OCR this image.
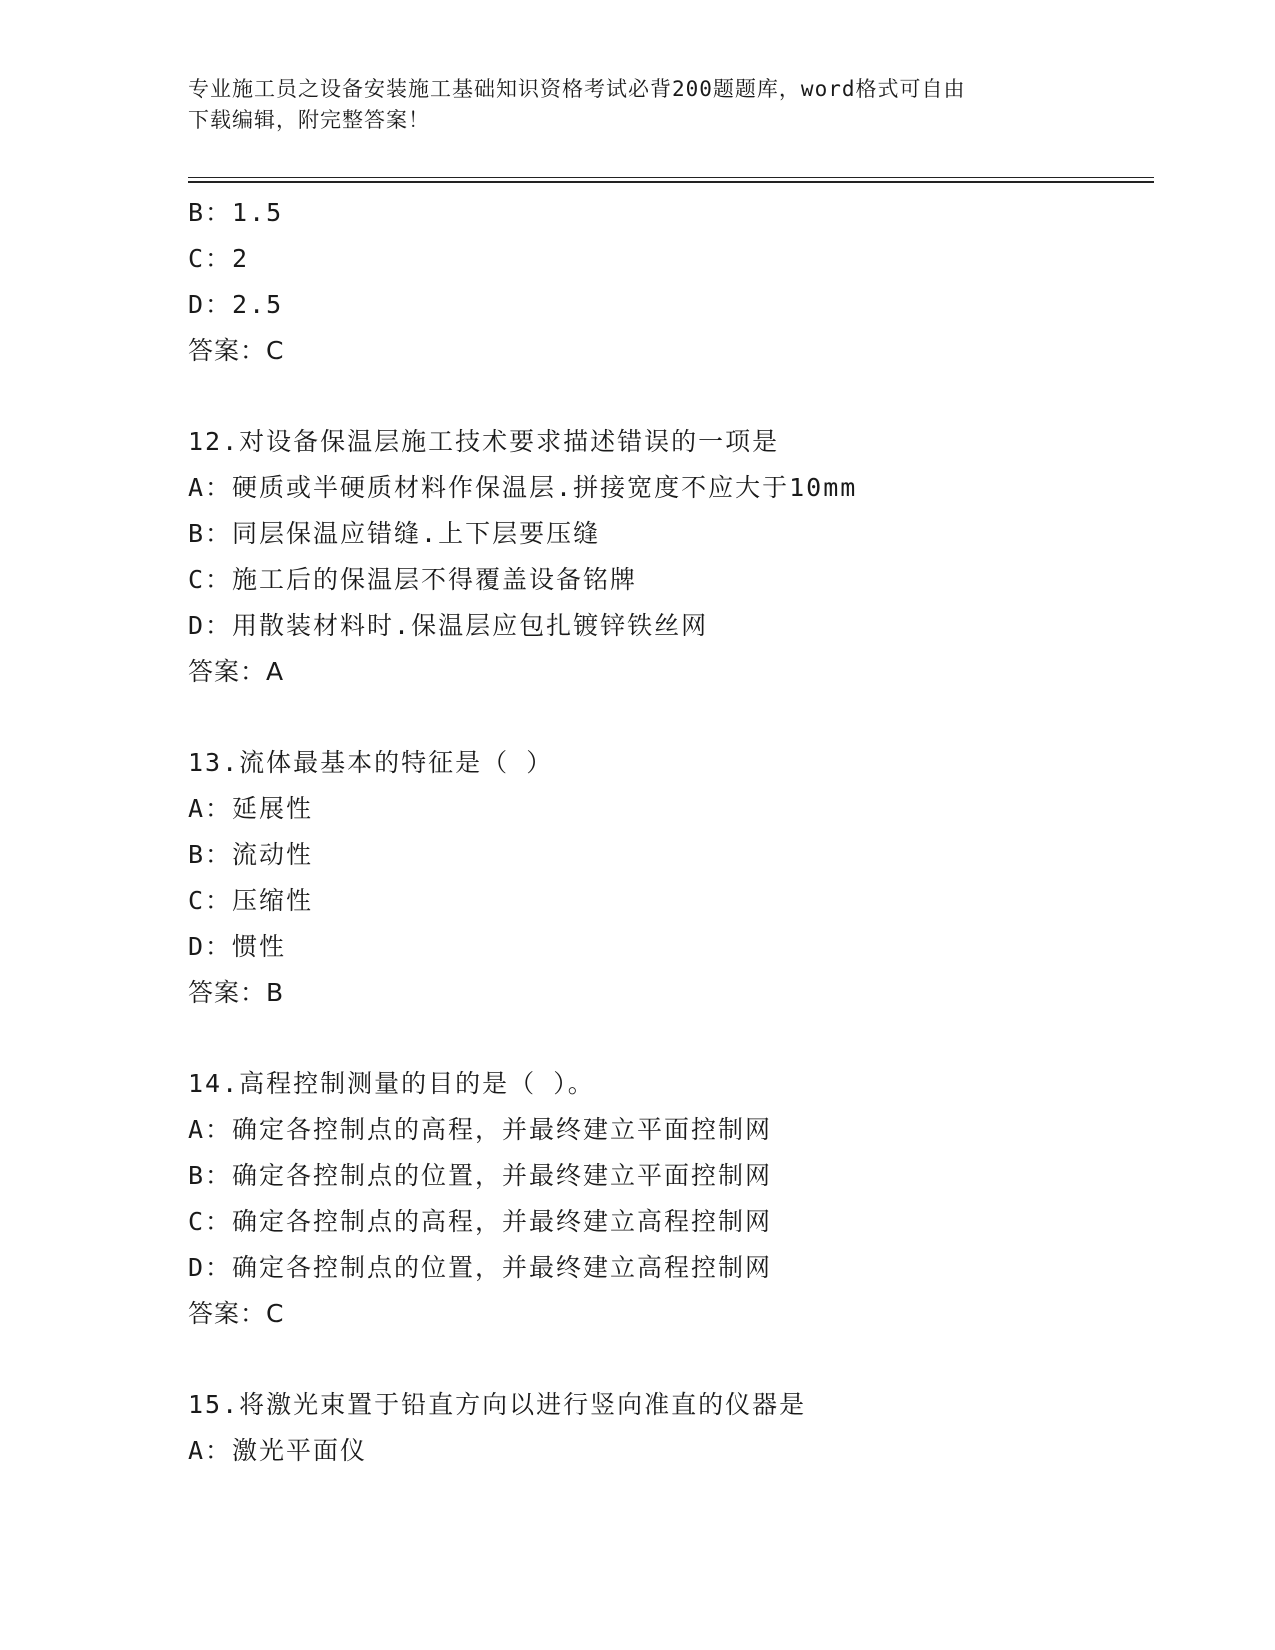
专业施工员之设备安装施工基础知识资格考试必背200题题库，word格式可自由
下载编辑，附完整答案！
B：1.5
C：2
D：2.5
答案：C
12.对设备保温层施工技术要求描述错误的一项是
A：硬质或半硬质材料作保温层.拼接宽度不应大于10mm
B：同层保温应错缝.上下层要压缝
C：施工后的保温层不得覆盖设备铭牌
D：用散装材料时.保温层应包扎镀锌铁丝网
答案：A
13.流体最基本的特征是（ ）
A：延展性
B：流动性
C：压缩性
D：惯性
答案：B
14.高程控制测量的目的是（ ）。
A：确定各控制点的高程，并最终建立平面控制网
B：确定各控制点的位置，并最终建立平面控制网
C：确定各控制点的高程，并最终建立高程控制网
D：确定各控制点的位置，并最终建立高程控制网
答案：C
15.将激光束置于铅直方向以进行竖向准直的仪器是
A：激光平面仪
